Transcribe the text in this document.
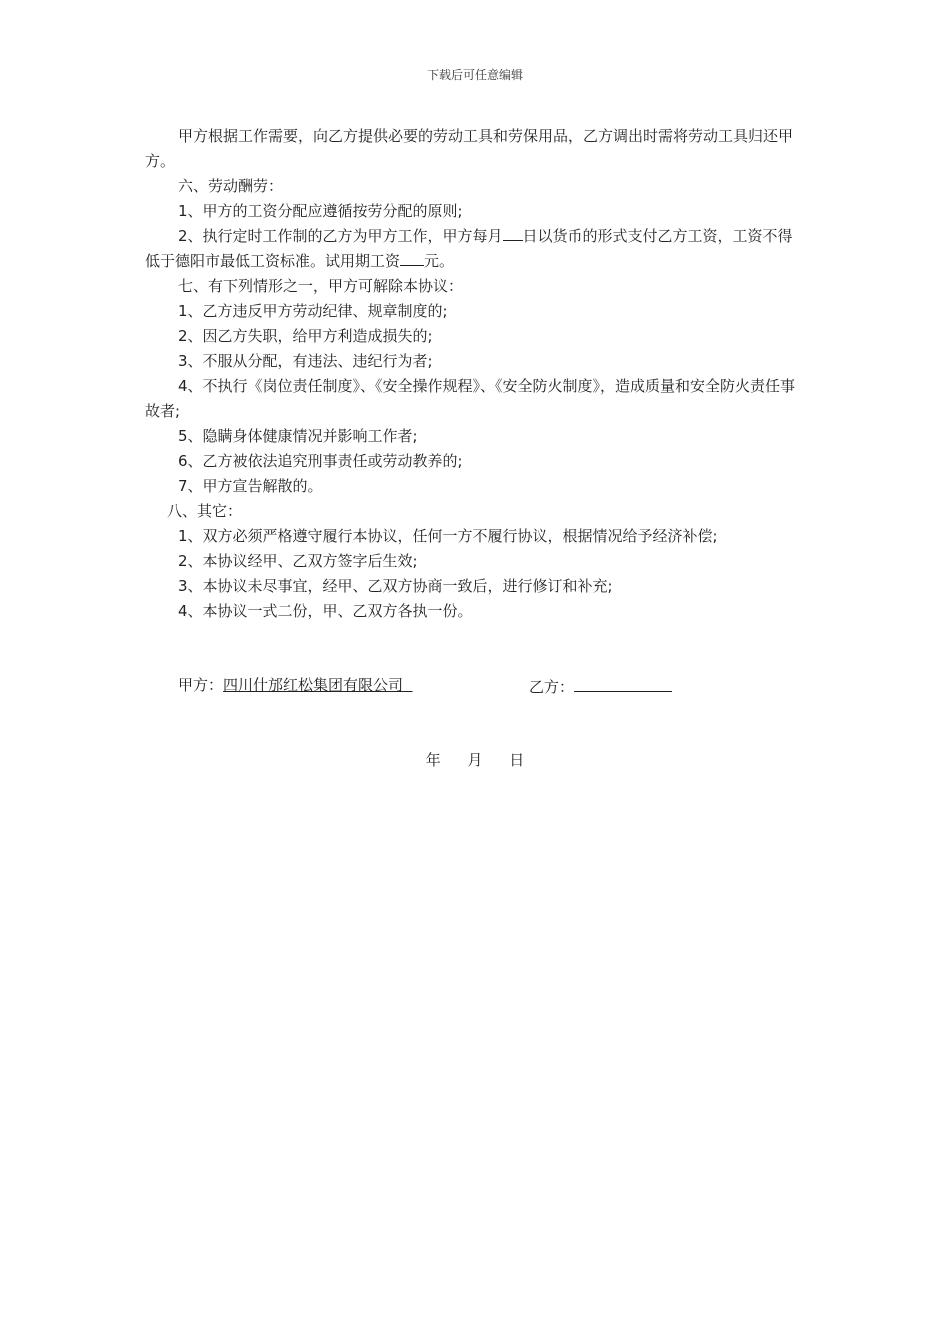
下载后可任意编辑

甲方根据工作需要，向乙方提供必要的劳动工具和劳保用品，乙方调出时需将劳动工具归还甲方。

六、劳动酬劳：

1、甲方的工资分配应遵循按劳分配的原则;

2、执行定时工作制的乙方为甲方工作，甲方每月 日以货币的形式支付乙方工资，工资不得低于德阳市最低工资标准。试用期工资 元。

七、有下列情形之一，甲方可解除本协议：

1、乙方违反甲方劳动纪律、规章制度的;

2、因乙方失职，给甲方利造成损失的;

3、不服从分配，有违法、违纪行为者;

4、不执行《岗位责任制度》、《安全操作规程》、《安全防火制度》，造成质量和安全防火责任事故者;

5、隐瞒身体健康情况并影响工作者;

6、乙方被依法追究刑事责任或劳动教养的;

7、甲方宣告解散的。

八、其它：

1、双方必须严格遵守履行本协议，任何一方不履行协议，根据情况给予经济补偿;

2、本协议经甲、乙双方签字后生效;

3、本协议未尽事宜，经甲、乙双方协商一致后，进行修订和补充;

4、本协议一式二份，甲、乙双方各执一份。

甲方：四川什邡红松集团有限公司	乙方：
年 月 日
